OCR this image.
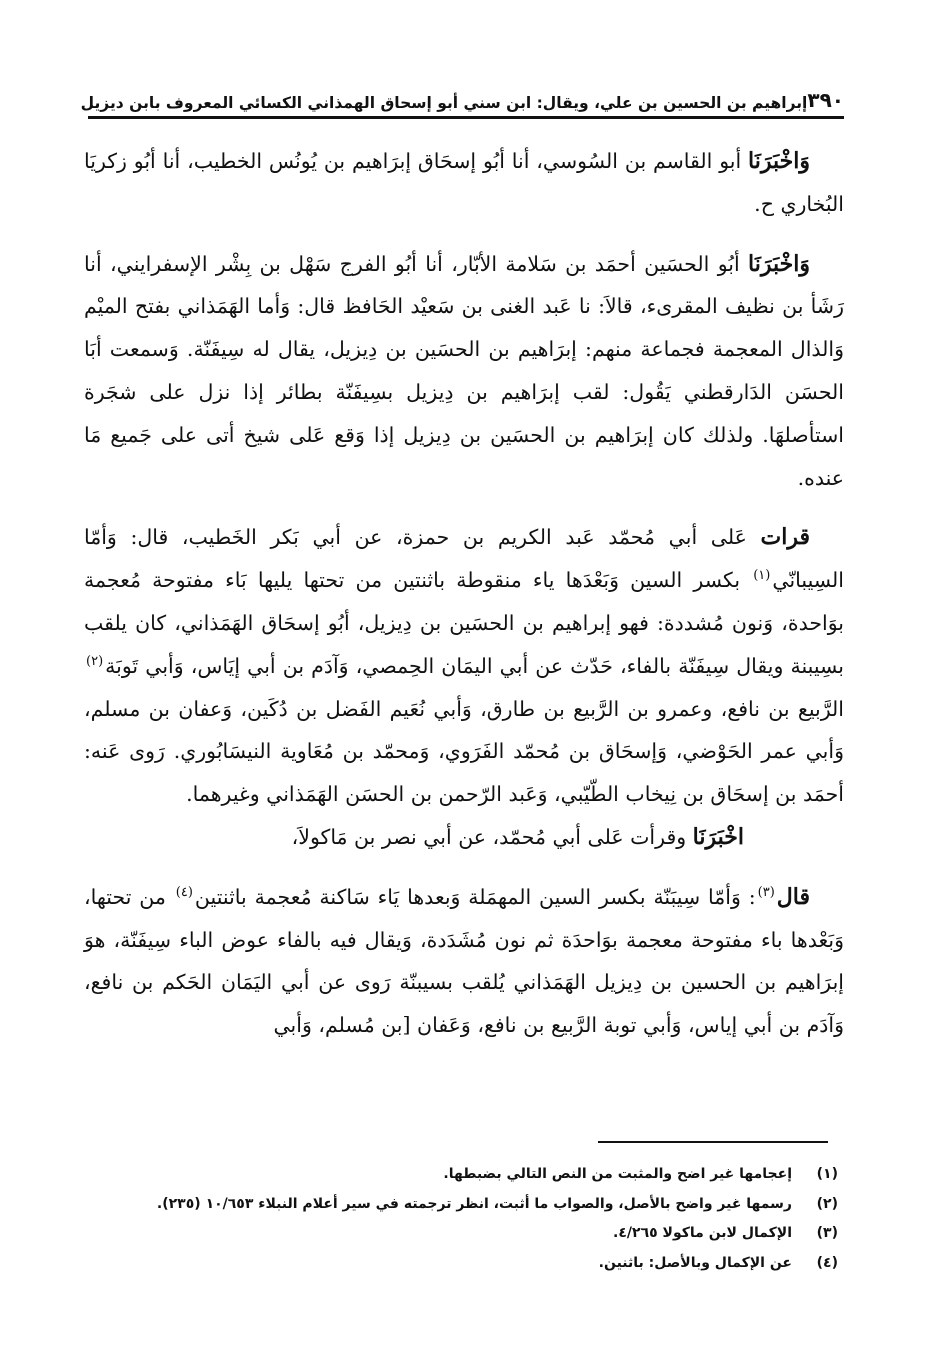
٣٩٠
إبراهيم بن الحسين بن علي، ويقال: ابن سني أبو إسحاق الهمذاني الكسائي المعروف بابن ديزيل

وَاخْبَرَنَا أبو القاسم بن السُوسي، أنا أبُو إسحَاق إبرَاهيم بن يُونُس الخطيب، أنا أبُو زكريَا البُخاري ح.

وَاخْبَرَنَا أبُو الحسَين أحمَد بن سَلامة الأبّار، أنا أبُو الفرج سَهْل بن بِشْر الإسفرايني، أنا رَشَأ بن نظيف المقرىء، قالاَ: نا عَبد الغنى بن سَعيْد الحَافظ قال: وَأما الهَمَذاني بفتح الميْم وَالذال المعجمة فجماعة منهم: إبرَاهيم بن الحسَين بن دِيزيل، يقال له سِيفَنّة. وَسمعت أبَا الحسَن الدَارقطني يَقُول: لقب إبرَاهيم بن دِيزيل بسِيفَنّة بطائر إذا نزل على شجَرة استأصلهَا. ولذلك كان إبرَاهيم بن الحسَين بن دِيزيل إذا وَقع عَلى شيخ أتى على جَميع مَا عنده.

قرات عَلى أبي مُحمّد عَبد الكريم بن حمزة، عن أبي بَكر الخَطيب، قال: وَأمّا السِيبانّي$^{(١)}$ بكسر السين وَبَعْدَها ياء منقوطة باثنتين من تحتها يليها بَاء مفتوحة مُعجمة بوَاحدة، وَنون مُشددة: فهو إبراهيم بن الحسَين بن دِيزيل، أبُو إسحَاق الهَمَذاني، كان يلقب بسِيبنة ويقال سِيفَنّة بالفاء، حَدّث عن أبي اليمَان الحِمصي، وَآدَم بن أبي إيَاس، وَأبي تَوبَة$^{(٢)}$ الرَّبيع بن نافع، وعمرو بن الرَّبيع بن طارق، وَأبي نُعَيم الفَضل بن دُكَين، وَعفان بن مسلم، وَأبي عمر الحَوْضي، وَإسحَاق بن مُحمّد الفَرَوي، وَمحمّد بن مُعَاوية النيسَابُوري. رَوى عَنه: أحمَد بن إسحَاق بن نِيخاب الطّيّبي، وَعَبد الرّحمن بن الحسَن الهَمَذاني وغيرهما.

اخْبَرَنَا وقرأت عَلى أبي مُحمّد، عن أبي نصر بن مَاكولاَ،

قال$^{(٣)}$: وَأمّا سِيبَنّة بكسر السين المهمَلة وَبعدها يَاء سَاكنة مُعجمة باثنتين$^{(٤)}$ من تحتها، وَبَعْدها باء مفتوحة معجمة بوَاحدَة ثم نون مُشَدَدة، وَيقال فيه بالفاء عوض الباء سِيفَنّة، هوَ إبرَاهيم بن الحسين بن دِيزيل الهَمَذاني يُلقب بسيبنّة رَوى عن أبي اليَمَان الحَكم بن نافع، وَآدَم بن أبي إياس، وَأبي توبة الرَّبيع بن نافع، وَعَفان [بن مُسلم، وَأبي

(١)
إعجامها غير اضح والمثبت من النص التالي بضبطها.
(٢)
رسمها غير واضح بالأصل، والصواب ما أثبت، انظر ترجمته في سير أعلام النبلاء ١٠/٦٥٣ (٢٣٥).
(٣)
الإكمال لابن ماكولا ٤/٢٦٥.
(٤)
عن الإكمال وبالأصل: باثنين.
